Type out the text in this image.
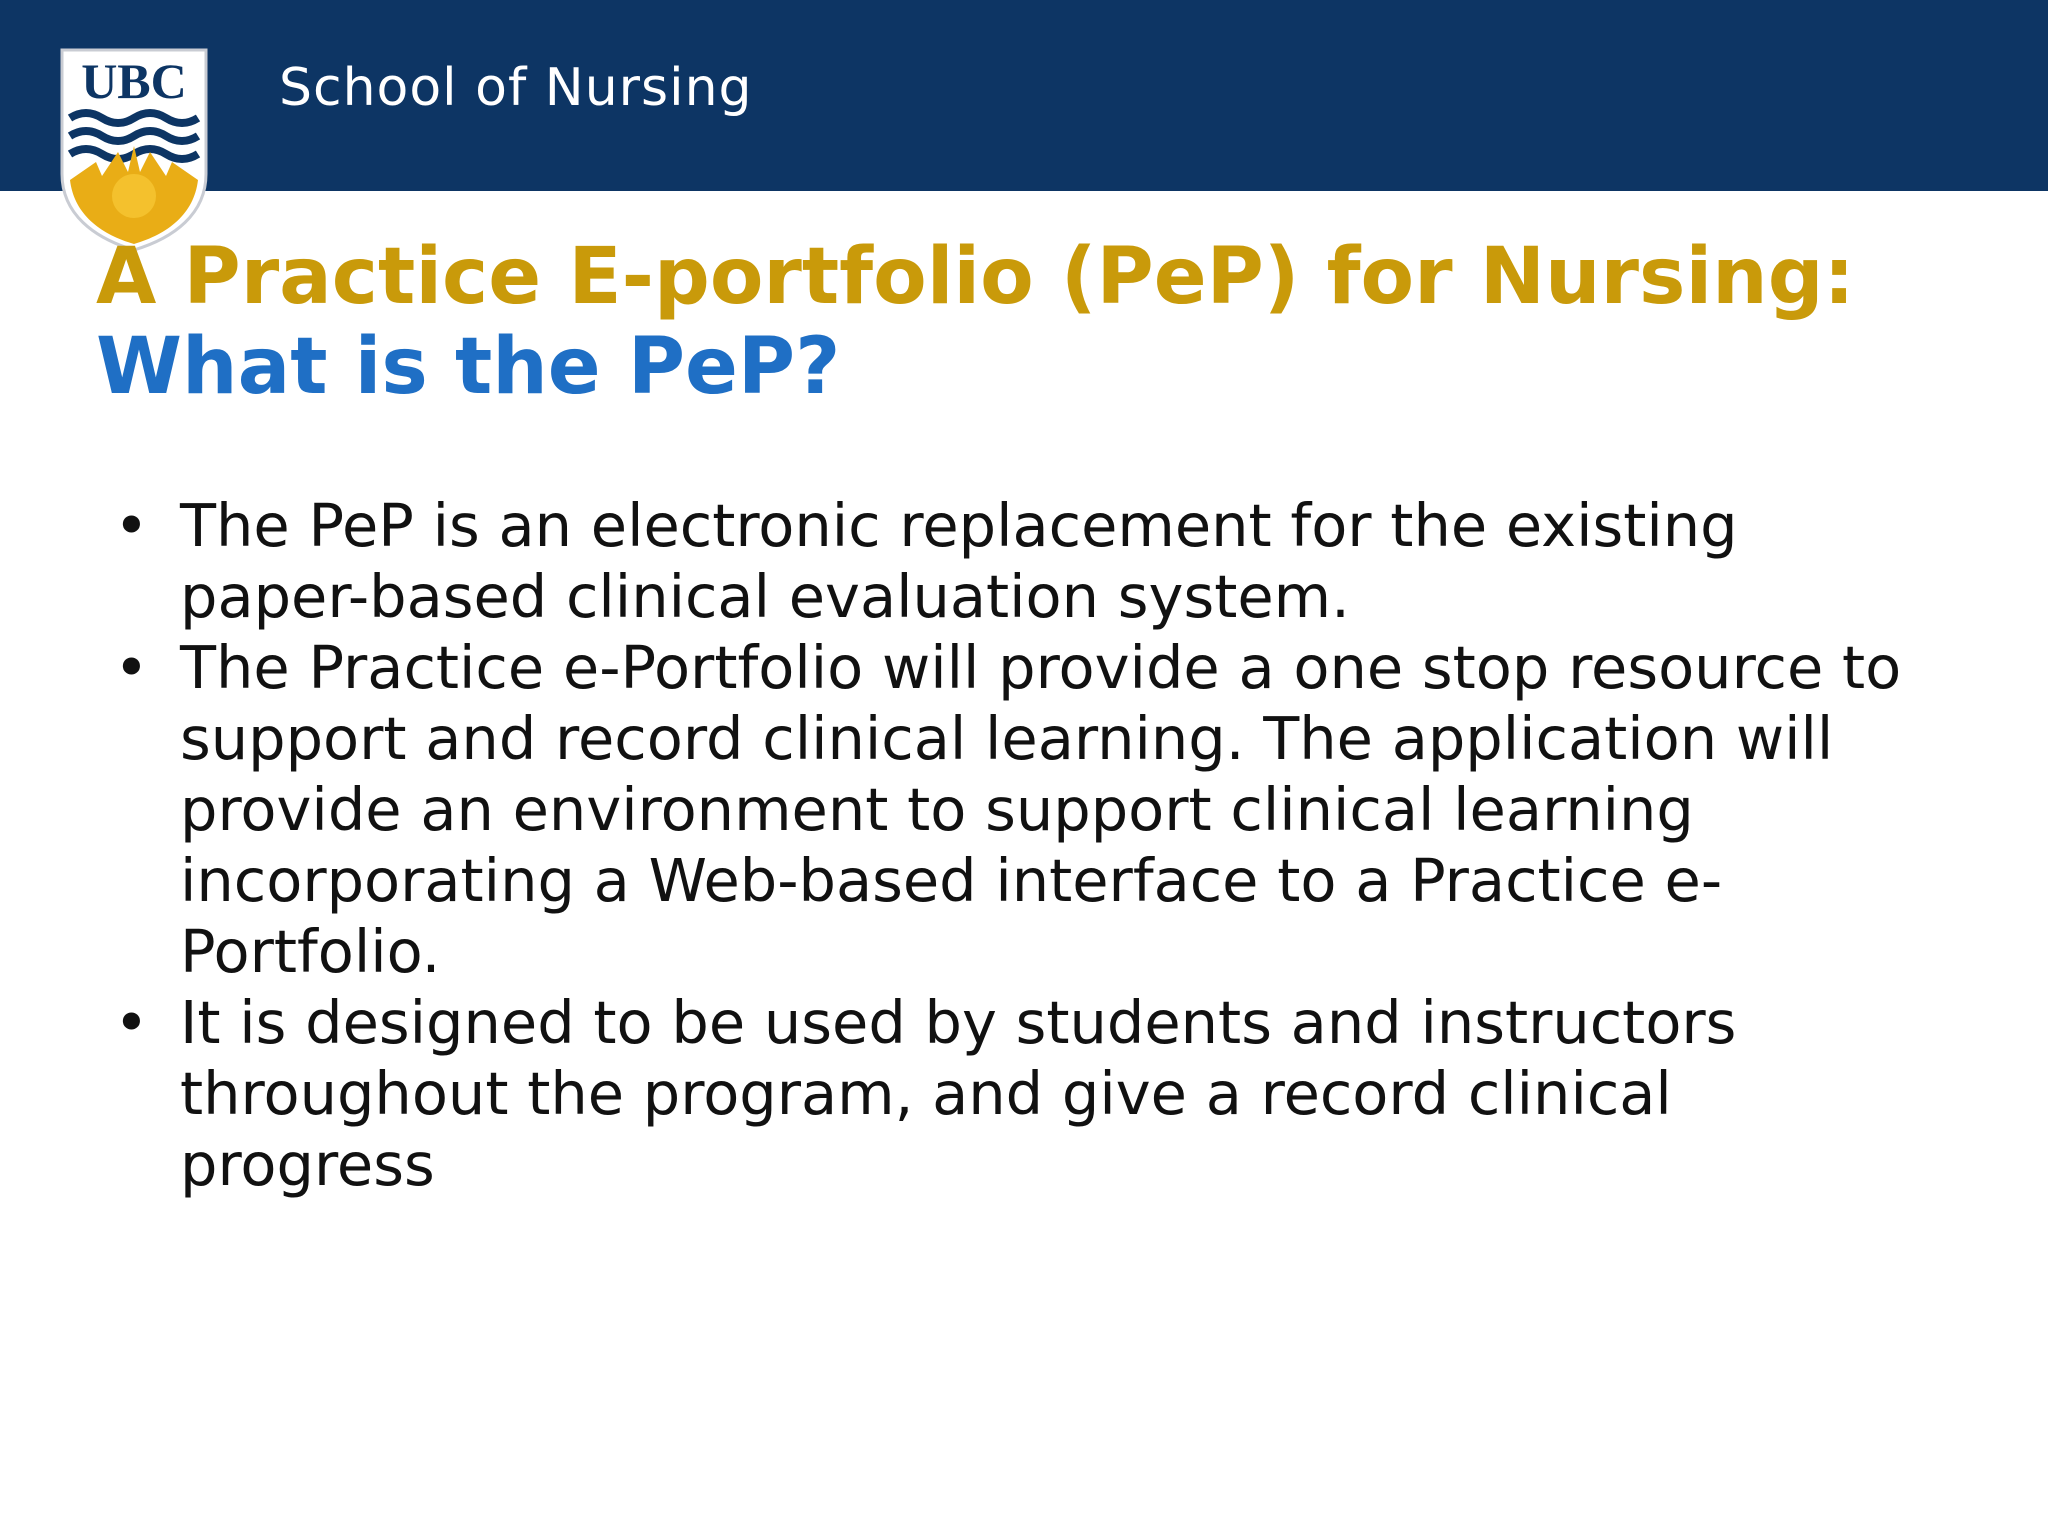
School of Nursing
UBC
A Practice E-portfolio (PeP) for Nursing:
What is the PeP?
• The PeP is an electronic replacement for the existing
paper-based clinical evaluation system.
• The Practice e-Portfolio will provide a one stop resource to
support and record clinical learning. The application will
provide an environment to support clinical learning
incorporating a Web-based interface to a Practice e-
Portfolio.
• It is designed to be used by students and instructors
throughout the program, and give a record clinical
progress
